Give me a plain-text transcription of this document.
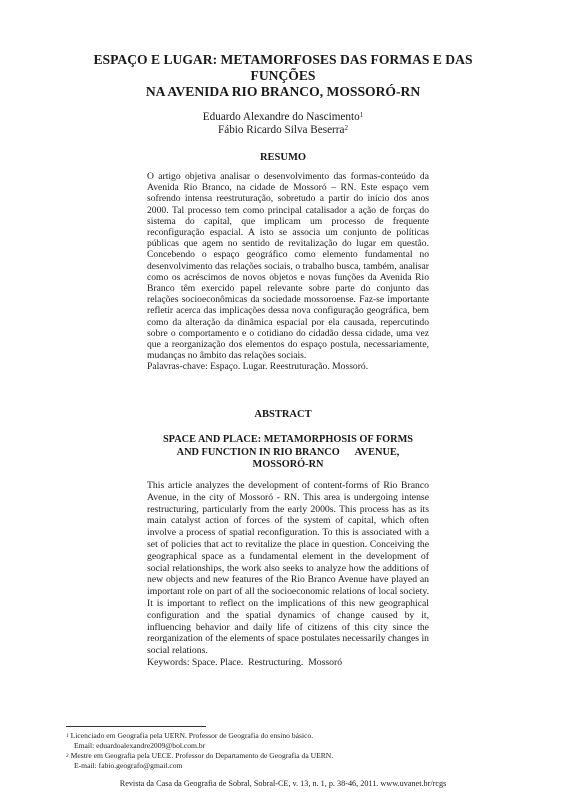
ESPAÇO E LUGAR: METAMORFOSES DAS FORMAS E DAS FUNÇÕES
NA AVENIDA RIO BRANCO, MOSSORÓ-RN
Eduardo Alexandre do Nascimento$^1$
Fábio Ricardo Silva Beserra$^2$
RESUMO

O artigo objetiva analisar o desenvolvimento das formas-conteúdo da Avenida Rio Branco, na cidade de Mossoró – RN. Este espaço vem sofrendo intensa reestruturação, sobretudo a partir do início dos anos 2000. Tal processo tem como principal catalisador a ação de forças do sistema do capital, que implicam um processo de frequente reconfiguração espacial. A isto se associa um conjunto de políticas públicas que agem no sentido de revitalização do lugar em questão. Concebendo o espaço geográfico como elemento fundamental no desenvolvimento das relações sociais, o trabalho busca, também, analisar como os acréscimos de novos objetos e novas funções da Avenida Rio Branco têm exercido papel relevante sobre parte do conjunto das relações socioeconômicas da sociedade mossoroense. Faz-se importante refletir acerca das implicações dessa nova configuração geográfica, bem como da alteração da dinâmica espacial por ela causada, repercutindo sobre o comportamento e o cotidiano do cidadão dessa cidade, uma vez que a reorganização dos elementos do espaço postula, necessariamente, mudanças no âmbito das relações sociais.

Palavras-chave: Espaço. Lugar. Reestruturação. Mossoró.

ABSTRACT
SPACE AND PLACE: METAMORPHOSIS OF FORMS
AND FUNCTION IN RIO BRANCO      AVENUE,
MOSSORÓ-RN

This article analyzes the development of content-forms of Rio Branco Avenue, in the city of Mossoró - RN. This area is undergoing intense restructuring, particularly from the early 2000s. This process has as its main catalyst action of forces of the system of capital, which often involve a process of spatial reconfiguration. To this is associated with a set of policies that act to revitalize the place in question. Conceiving the geographical space as a fundamental element in the development of social relationships, the work also seeks to analyze how the additions of new objects and new features of the Rio Branco Avenue have played an important role on part of all the socioeconomic relations of local society. It is important to reflect on the implications of this new geographical configuration and the spatial dynamics of change caused by it, influencing behavior and daily life of citizens of this city since the reorganization of the elements of space postulates necessarily changes in social relations.

Keywords: Space. Place.  Restructuring.  Mossoró

$^1$ Licenciado em Geografia pela UERN. Professor de Geografia do ensino básico.
Email: eduardoalexandre2009@bol.com.br
$^2$ Mestre em Geografia pela UECE. Professor do Departamento de Geografia da UERN.
E-mail: fabio.geografo@gmail.com
Revista da Casa da Geografia de Sobral, Sobral-CE, v. 13, n. 1, p. 38-46, 2011. www.uvanet.br/rcgs
